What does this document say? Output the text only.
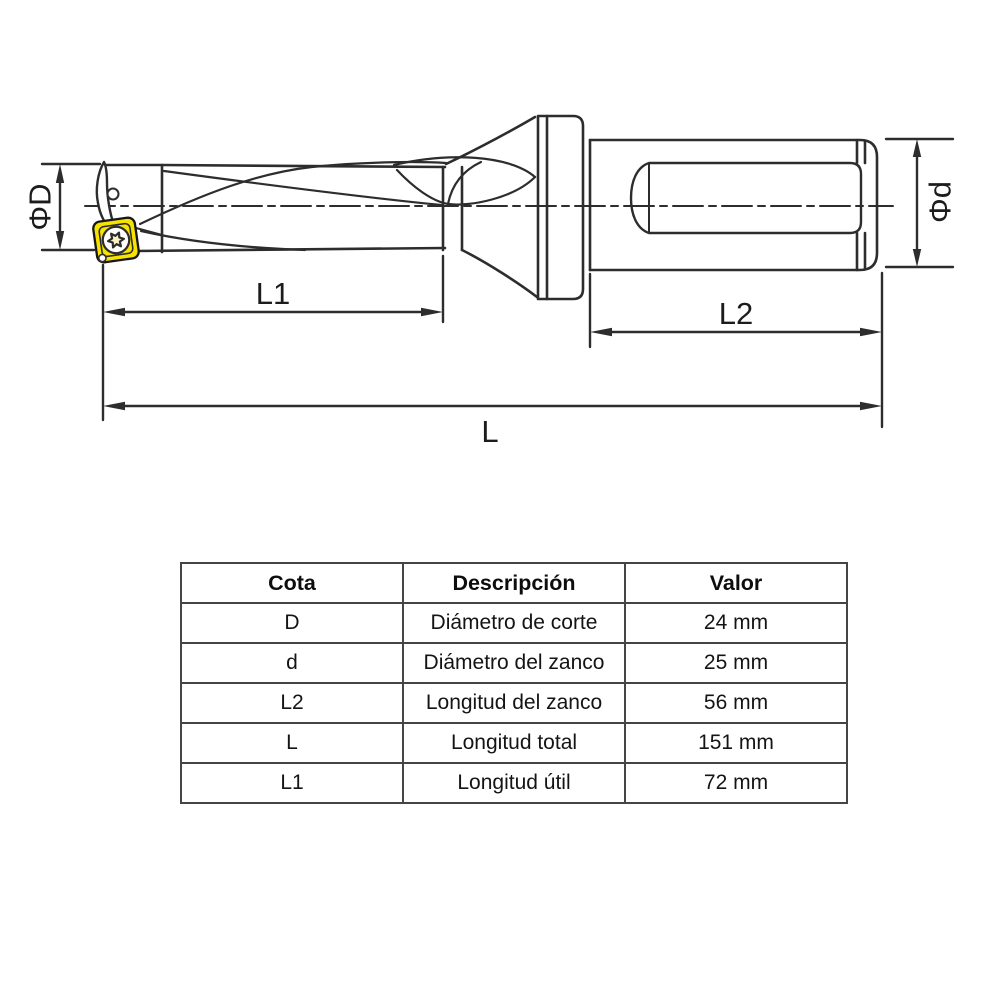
ΦD	Φd
L1
L2
L
Cota	Descripción	Valor
D	Diámetro de corte	24 mm
d	Diámetro del zanco	25 mm
L2	Longitud del zanco	56 mm
L	Longitud total	151 mm
L1	Longitud útil	72 mm
